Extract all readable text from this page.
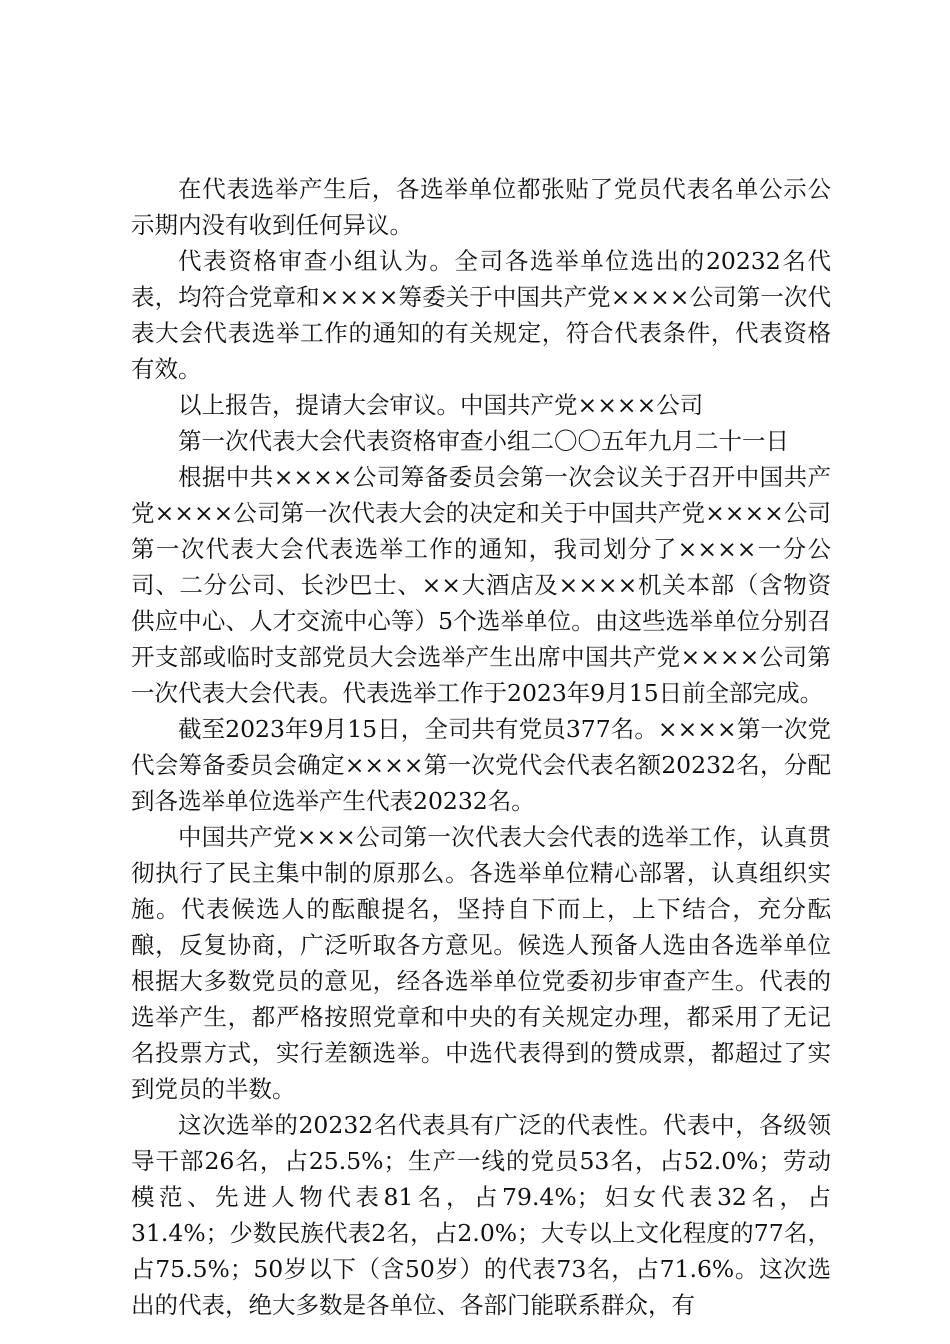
在代表选举产生后，各选举单位都张贴了党员代表名单公示公示期内没有收到任何异议。

代表资格审查小组认为。全司各选举单位选出的20232名代表，均符合党章和××××筹委关于中国共产党××××公司第一次代表大会代表选举工作的通知的有关规定，符合代表条件，代表资格有效。

以上报告，提请大会审议。中国共产党××××公司

第一次代表大会代表资格审查小组二〇〇五年九月二十一日

根据中共××××公司筹备委员会第一次会议关于召开中国共产党××××公司第一次代表大会的决定和关于中国共产党××××公司第一次代表大会代表选举工作的通知，我司划分了××××一分公司、二分公司、长沙巴士、××大酒店及××××机关本部（含物资供应中心、人才交流中心等）5个选举单位。由这些选举单位分别召开支部或临时支部党员大会选举产生出席中国共产党××××公司第一次代表大会代表。代表选举工作于2023年9月15日前全部完成。

截至2023年9月15日，全司共有党员377名。××××第一次党代会筹备委员会确定××××第一次党代会代表名额20232名，分配到各选举单位选举产生代表20232名。

中国共产党×××公司第一次代表大会代表的选举工作，认真贯彻执行了民主集中制的原那么。各选举单位精心部署，认真组织实施。代表候选人的酝酿提名，坚持自下而上，上下结合，充分酝酿，反复协商，广泛听取各方意见。候选人预备人选由各选举单位根据大多数党员的意见，经各选举单位党委初步审查产生。代表的选举产生，都严格按照党章和中央的有关规定办理，都采用了无记名投票方式，实行差额选举。中选代表得到的赞成票，都超过了实到党员的半数。

这次选举的20232名代表具有广泛的代表性。代表中，各级领导干部26名，占25.5%；生产一线的党员53名，占52.0%；劳动模范、先进人物代表81名，占79.4%；妇女代表32名，占31.4%；少数民族代表2名，占2.0%；大专以上文化程度的77名，占75.5%；50岁以下（含50岁）的代表73名，占71.6%。这次选出的代表，绝大多数是各单位、各部门能联系群众，有
